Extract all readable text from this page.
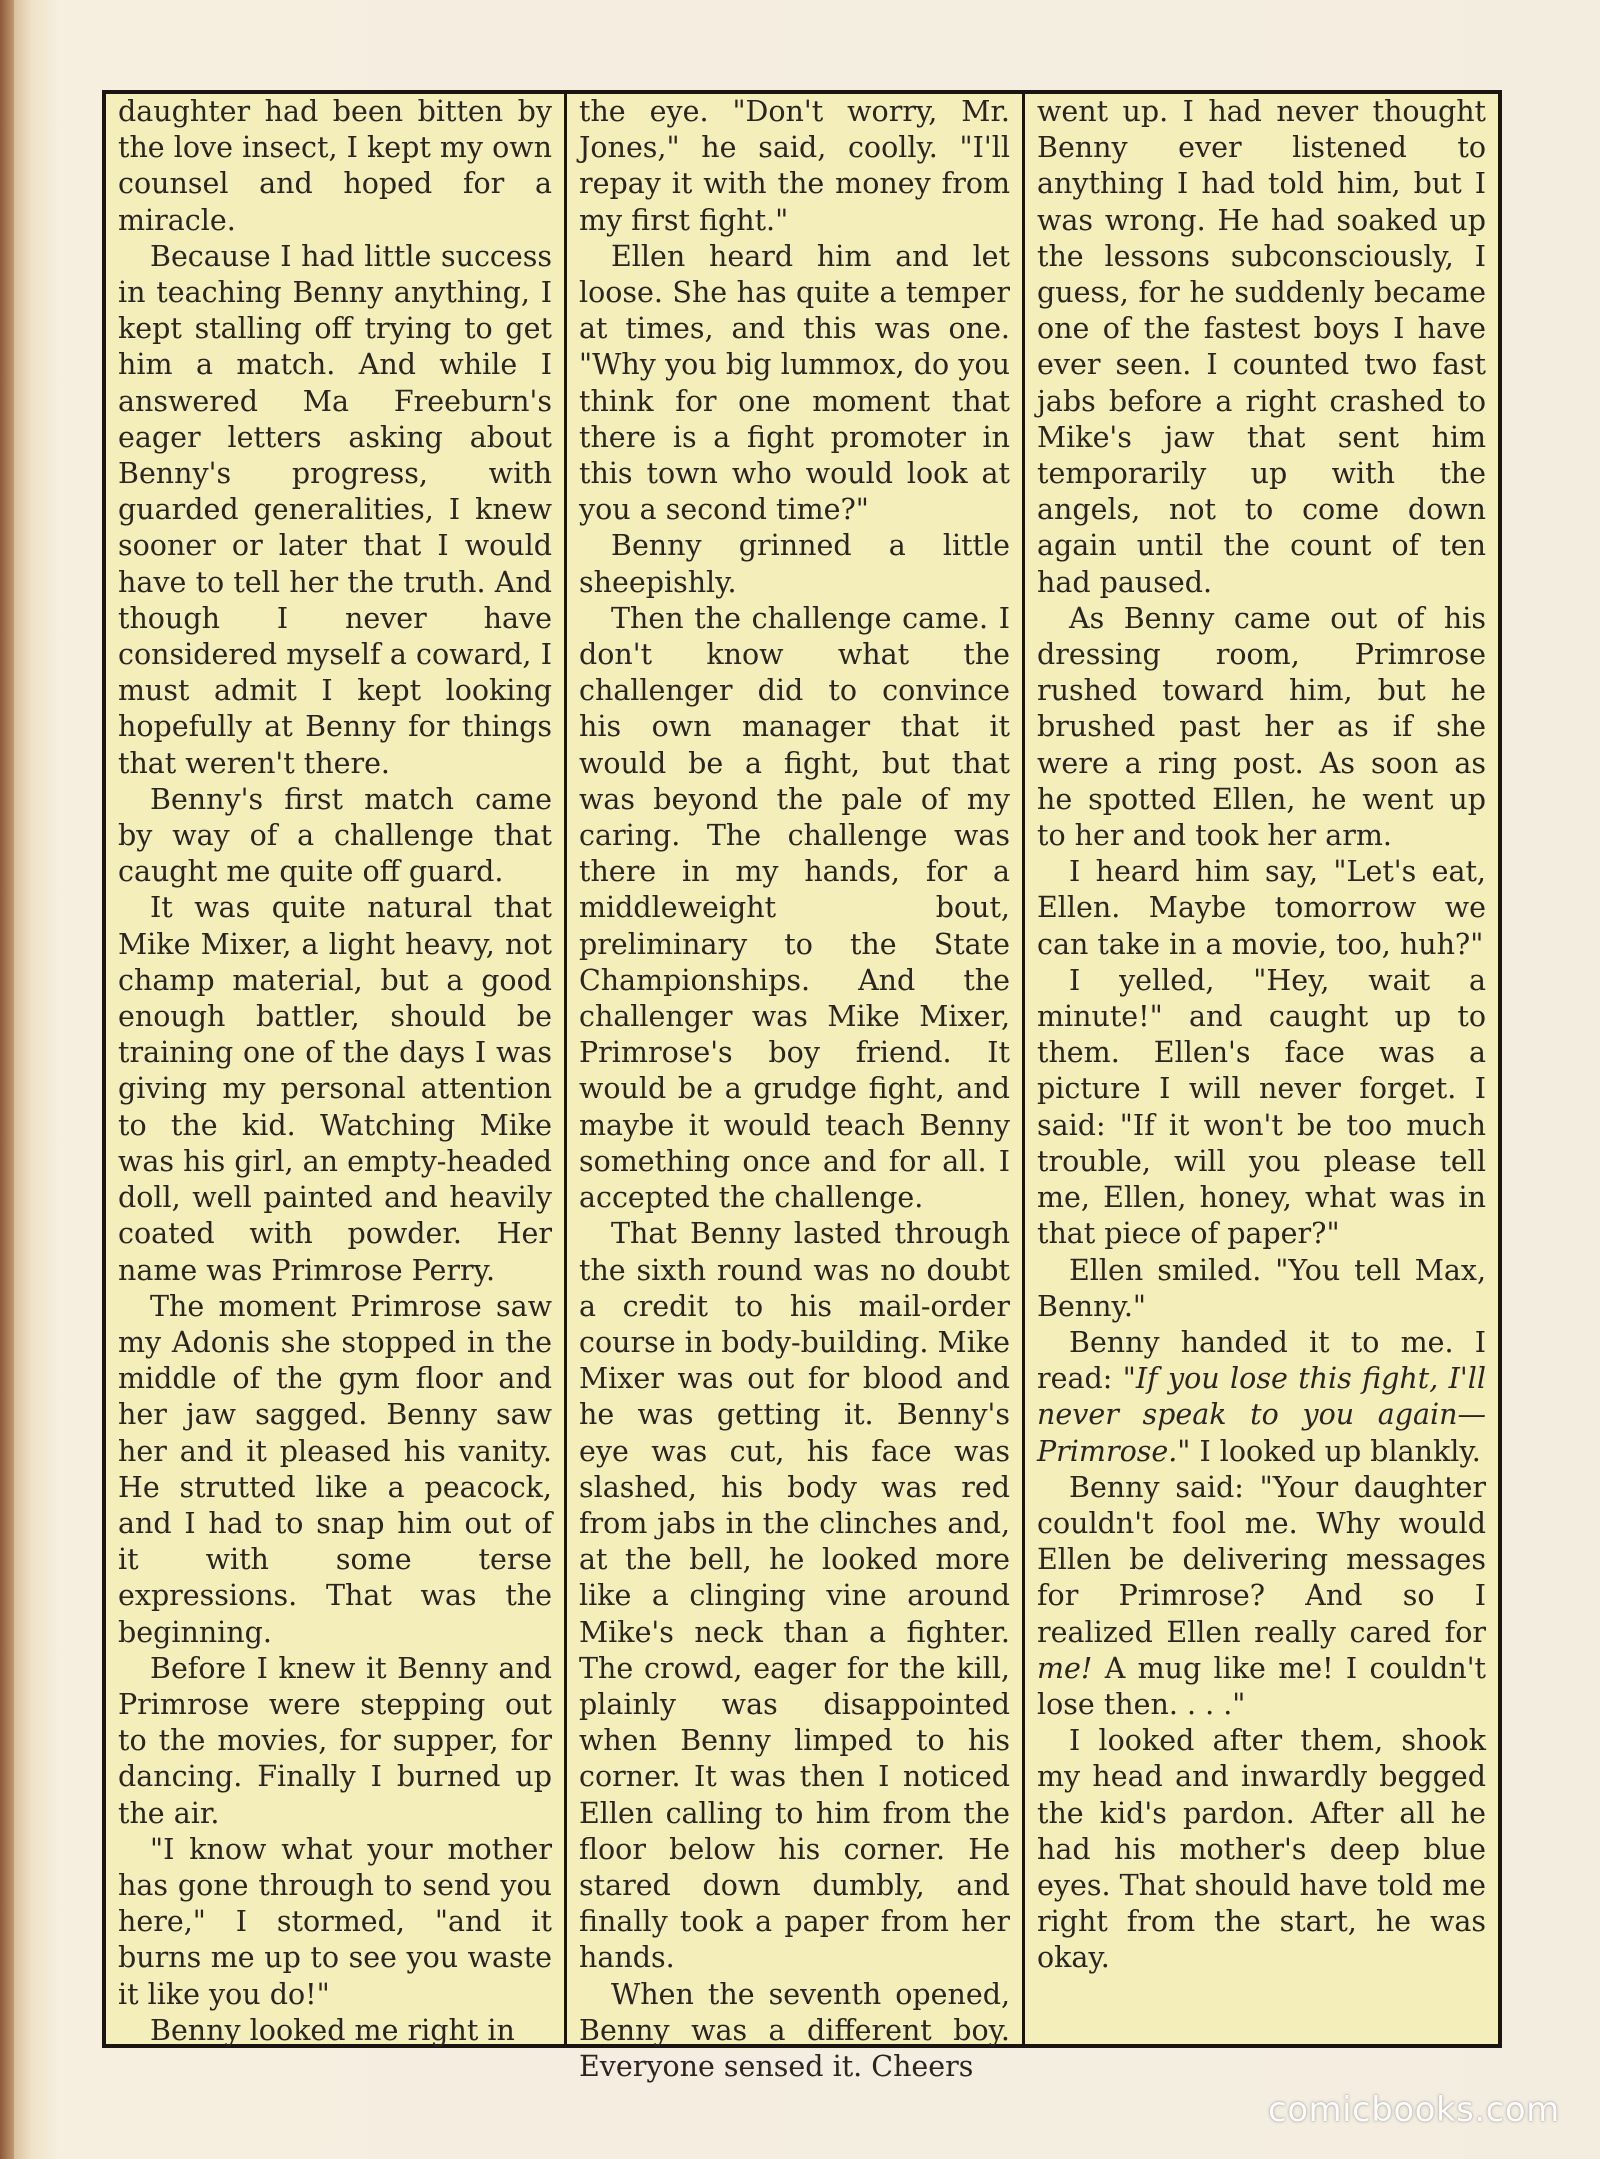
daughter had been bitten by the love insect, I kept my own counsel and hoped for a miracle.

Because I had little success in teaching Benny anything, I kept stalling off trying to get him a match. And while I answered Ma Freeburn's eager letters asking about Benny's progress, with guarded generalities, I knew sooner or later that I would have to tell her the truth. And though I never have considered myself a coward, I must admit I kept looking hopefully at Benny for things that weren't there.

Benny's first match came by way of a challenge that caught me quite off guard.

It was quite natural that Mike Mixer, a light heavy, not champ material, but a good enough battler, should be training one of the days I was giving my personal attention to the kid. Watching Mike was his girl, an empty-headed doll, well painted and heavily coated with powder. Her name was Primrose Perry.

The moment Primrose saw my Adonis she stopped in the middle of the gym floor and her jaw sagged. Benny saw her and it pleased his vanity. He strutted like a peacock, and I had to snap him out of it with some terse expressions. That was the beginning.

Before I knew it Benny and Primrose were stepping out to the movies, for supper, for dancing. Finally I burned up the air.

"I know what your mother has gone through to send you here," I stormed, "and it burns me up to see you waste it like you do!"

Benny looked me right in

the eye. "Don't worry, Mr. Jones," he said, coolly. "I'll repay it with the money from my first fight."

Ellen heard him and let loose. She has quite a temper at times, and this was one. "Why you big lummox, do you think for one moment that there is a fight promoter in this town who would look at you a second time?"

Benny grinned a little sheepishly.

Then the challenge came. I don't know what the challenger did to convince his own manager that it would be a fight, but that was beyond the pale of my caring. The challenge was there in my hands, for a middleweight bout, preliminary to the State Championships. And the challenger was Mike Mixer, Primrose's boy friend. It would be a grudge fight, and maybe it would teach Benny something once and for all. I accepted the challenge.

That Benny lasted through the sixth round was no doubt a credit to his mail-order course in body-building. Mike Mixer was out for blood and he was getting it. Benny's eye was cut, his face was slashed, his body was red from jabs in the clinches and, at the bell, he looked more like a clinging vine around Mike's neck than a fighter. The crowd, eager for the kill, plainly was disappointed when Benny limped to his corner. It was then I noticed Ellen calling to him from the floor below his corner. He stared down dumbly, and finally took a paper from her hands.

When the seventh opened, Benny was a different boy. Everyone sensed it. Cheers

went up. I had never thought Benny ever listened to anything I had told him, but I was wrong. He had soaked up the lessons subconsciously, I guess, for he suddenly became one of the fastest boys I have ever seen. I counted two fast jabs before a right crashed to Mike's jaw that sent him temporarily up with the angels, not to come down again until the count of ten had paused.

As Benny came out of his dressing room, Primrose rushed toward him, but he brushed past her as if she were a ring post. As soon as he spotted Ellen, he went up to her and took her arm.

I heard him say, "Let's eat, Ellen. Maybe tomorrow we can take in a movie, too, huh?"

I yelled, "Hey, wait a minute!" and caught up to them. Ellen's face was a picture I will never forget. I said: "If it won't be too much trouble, will you please tell me, Ellen, honey, what was in that piece of paper?"

Ellen smiled. "You tell Max, Benny."

Benny handed it to me. I read: "If you lose this fight, I'll never speak to you again—Primrose." I looked up blankly.

Benny said: "Your daughter couldn't fool me. Why would Ellen be delivering messages for Primrose? And so I realized Ellen really cared for me! A mug like me! I couldn't lose then. . . ."

I looked after them, shook my head and inwardly begged the kid's pardon. After all he had his mother's deep blue eyes. That should have told me right from the start, he was okay.

comicbooks.com
